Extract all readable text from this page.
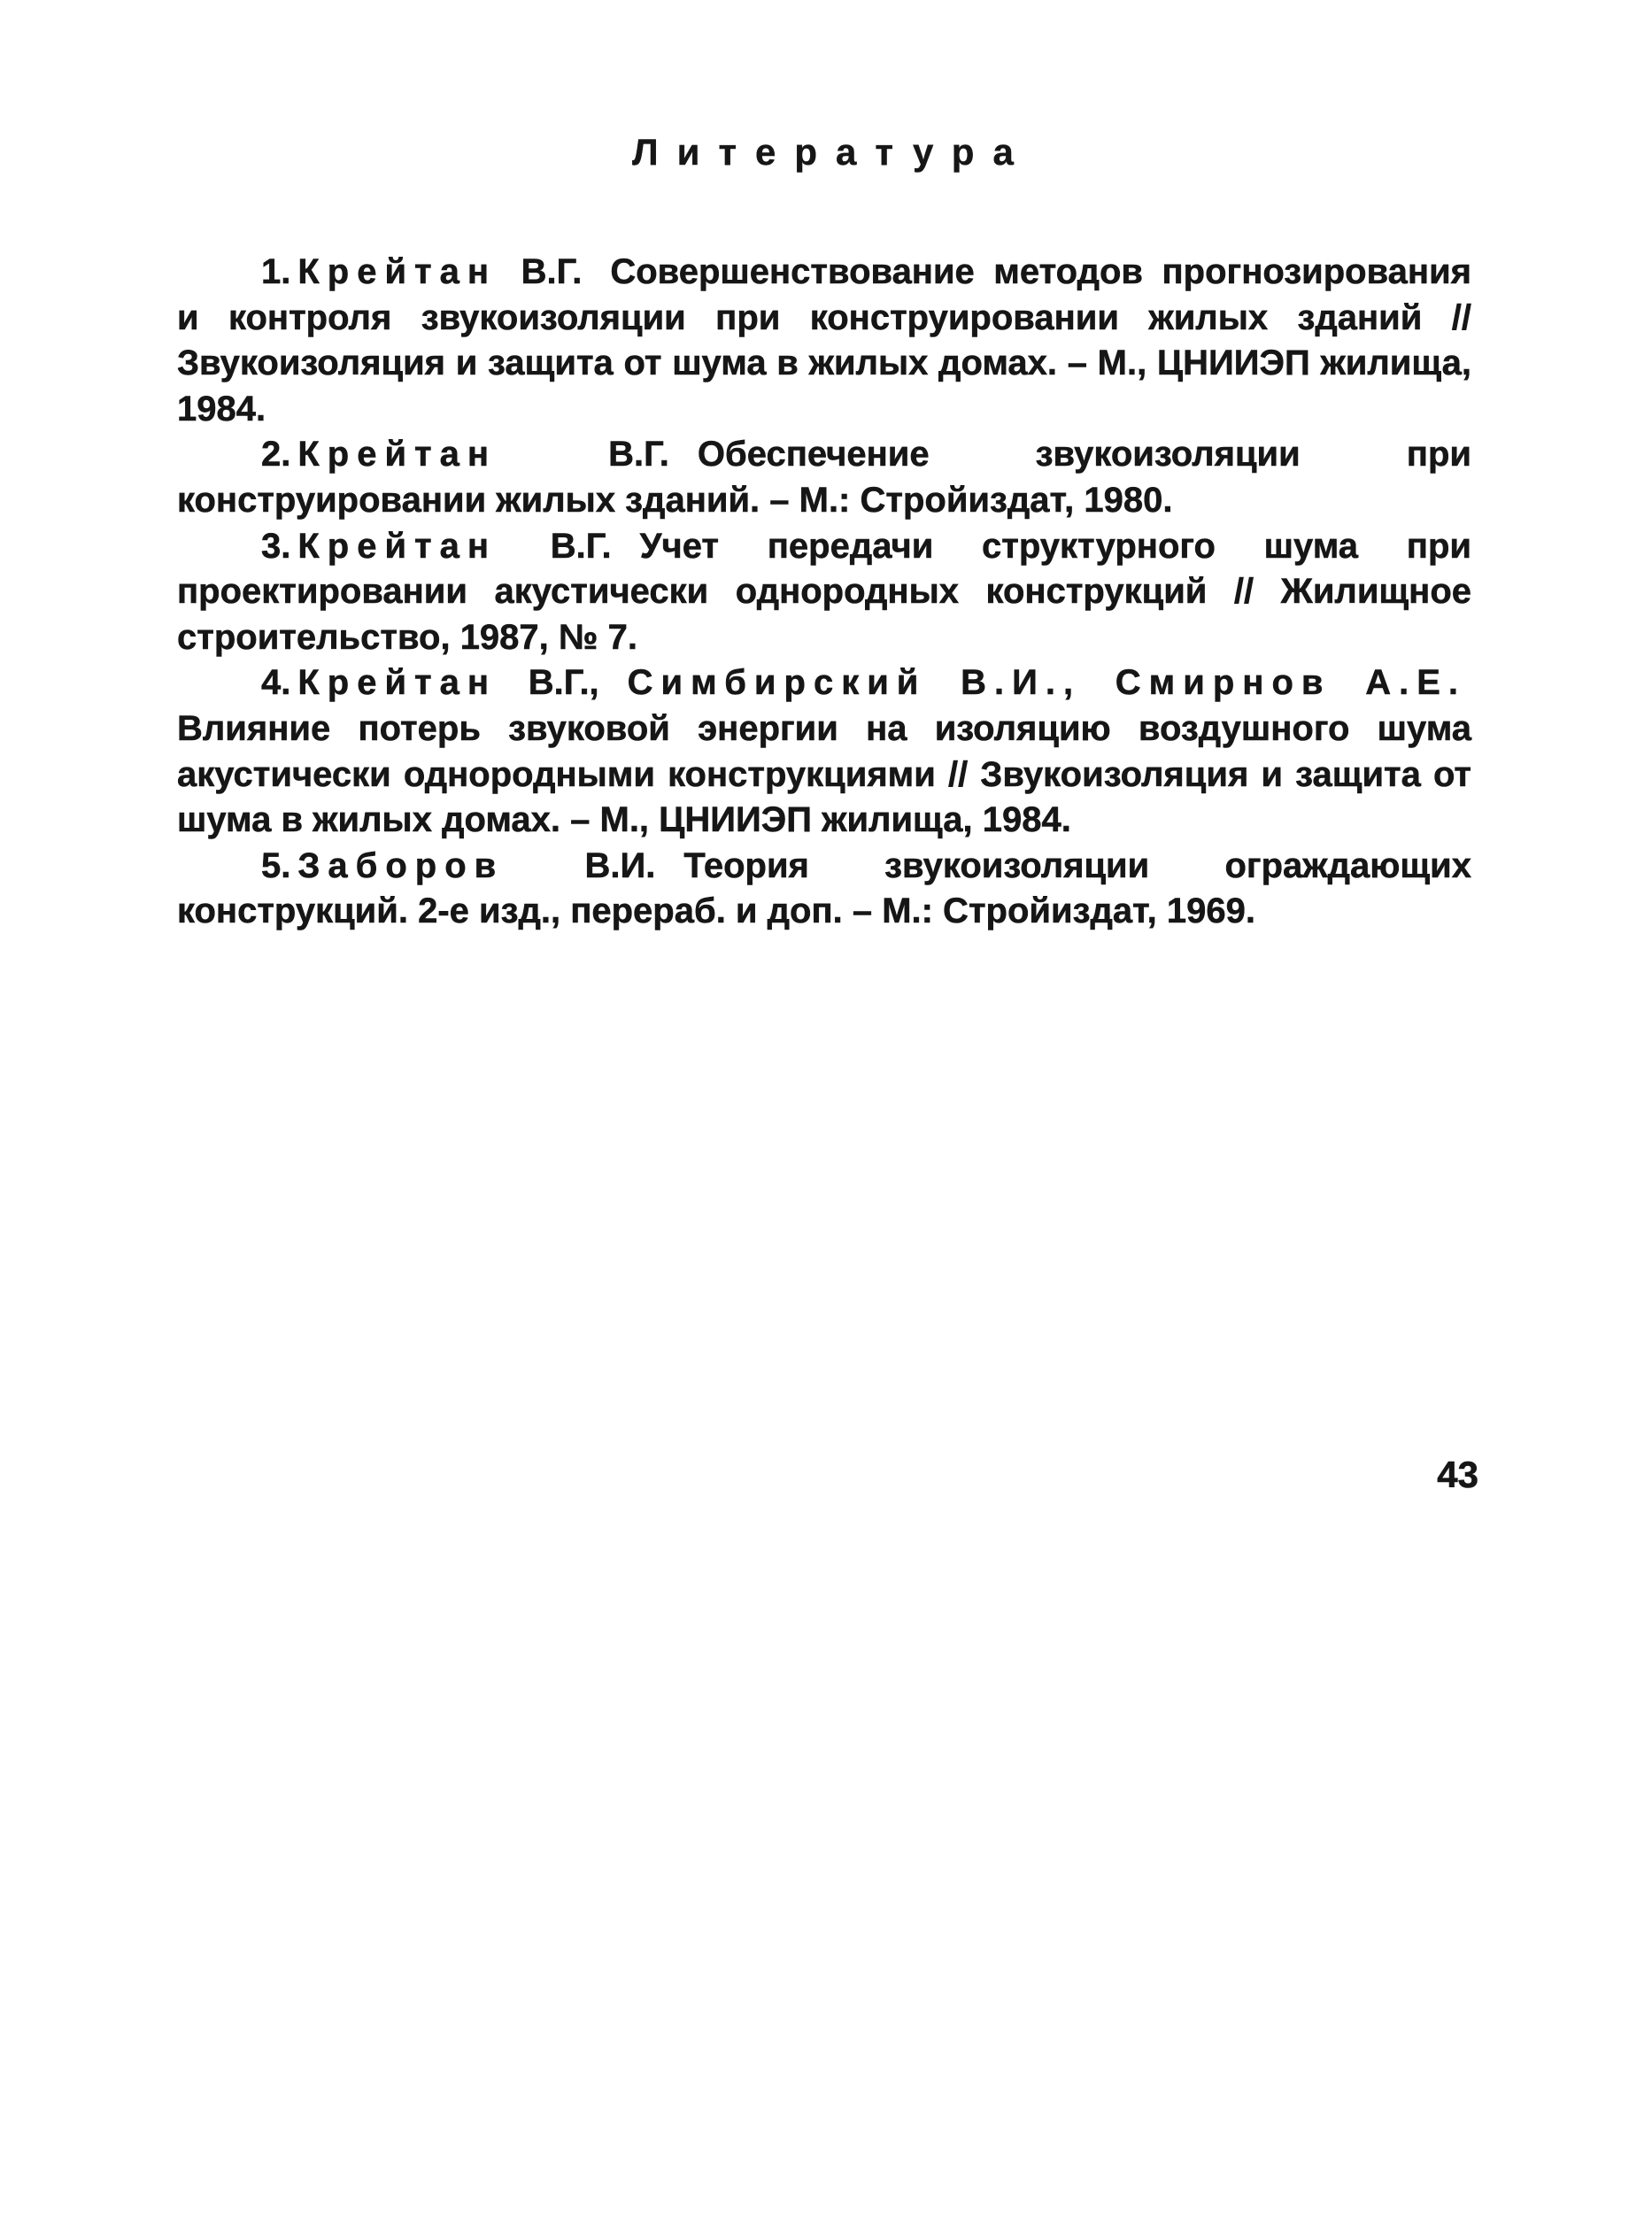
Литература
1. Крейтан В.Г. Совершенствование методов прогнозирования и контроля звукоизоляции при конструировании жилых зданий // Звукоизоляция и защита от шума в жилых домах. – М., ЦНИИЭП жилища, 1984.
2. Крейтан	В.Г. Обеспечение звукоизоляции при конструировании жилых зданий. – М.: Стройиздат, 1980.
3. Крейтан В.Г. Учет передачи структурного шума при проектировании акустически однородных конструкций // Жилищное строительство, 1987, № 7.
4. Крейтан В.Г., Симбирский В.И., Смирнов А.Е. Влияние потерь звуковой энергии на изоляцию воздушного шума акустически однородными конструкциями // Звукоизоляция и защита от шума в жилых домах. – М., ЦНИИЭП жилища, 1984.
5. Заборов В.И. Теория звукоизоляции ограждающих конструкций. 2-е изд., перераб. и доп. – М.: Стройиздат, 1969.
43
